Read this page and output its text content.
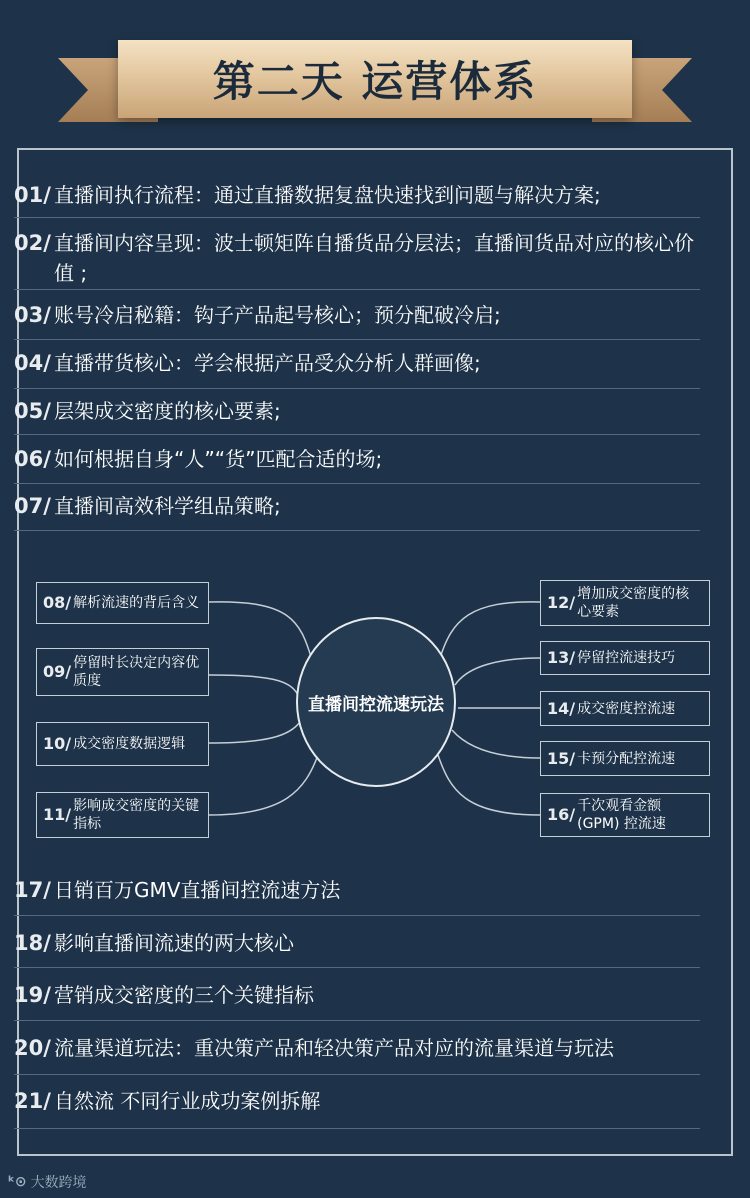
第二天 运营体系
01/ 直播间执行流程：通过直播数据复盘快速找到问题与解决方案;
02/ 直播间内容呈现：波士顿矩阵自播货品分层法；直播间货品对应的核心价值 ;
03/ 账号冷启秘籍：钩子产品起号核心；预分配破冷启;
04/ 直播带货核心：学会根据产品受众分析人群画像;
05/ 层架成交密度的核心要素;
06/ 如何根据自身“人”“货”匹配合适的场;
07/ 直播间高效科学组品策略;
08/ 解析流速的背后含义
09/ 停留时长决定内容优质度
10/ 成交密度数据逻辑
11/ 影响成交密度的关键指标
直播间控流速玩法
12/ 增加成交密度的核心要素
13/ 停留控流速技巧
14/ 成交密度控流速
15/ 卡预分配控流速
16/ 千次观看金额 (GPM) 控流速
17/ 日销百万GMV直播间控流速方法
18/ 影响直播间流速的两大核心
19/ 营销成交密度的三个关键指标
20/ 流量渠道玩法：重决策产品和轻决策产品对应的流量渠道与玩法
21/ 自然流 不同行业成功案例拆解
ᵏ⊙ 大数跨境
